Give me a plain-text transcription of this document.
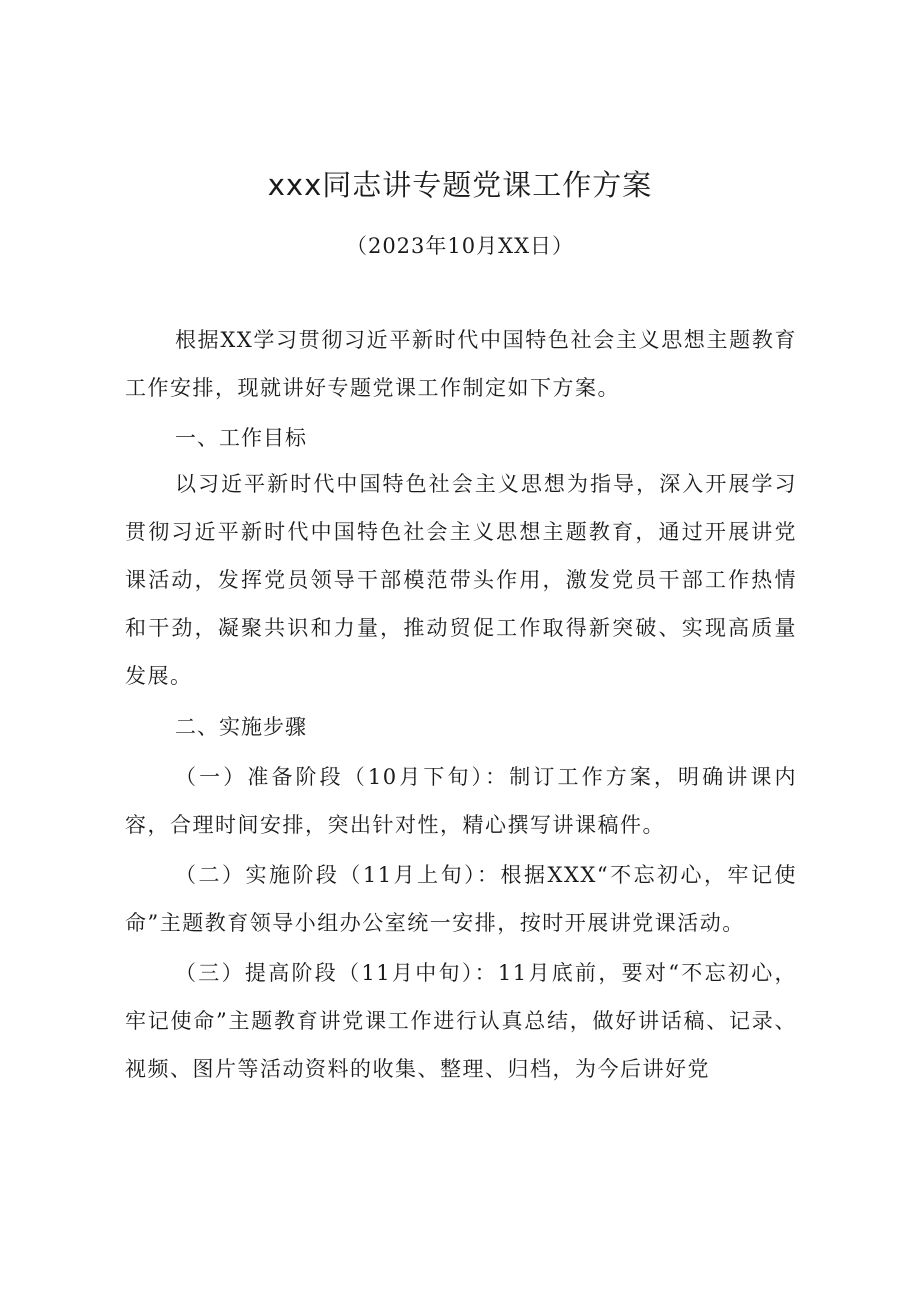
xxx同志讲专题党课工作方案
（2023年10月XX日）
根据XX学习贯彻习近平新时代中国特色社会主义思想主题教育工作安排，现就讲好专题党课工作制定如下方案。
一、工作目标
以习近平新时代中国特色社会主义思想为指导，深入开展学习贯彻习近平新时代中国特色社会主义思想主题教育，通过开展讲党课活动，发挥党员领导干部模范带头作用，激发党员干部工作热情和干劲，凝聚共识和力量，推动贸促工作取得新突破、实现高质量发展。
二、实施步骤
（一）准备阶段（10月下旬）：制订工作方案，明确讲课内容，合理时间安排，突出针对性，精心撰写讲课稿件。
（二）实施阶段（11月上旬）：根据XXX“不忘初心，牢记使命”主题教育领导小组办公室统一安排，按时开展讲党课活动。
（三）提高阶段（11月中旬）：11月底前，要对“不忘初心，牢记使命”主题教育讲党课工作进行认真总结，做好讲话稿、记录、视频、图片等活动资料的收集、整理、归档，为今后讲好党
